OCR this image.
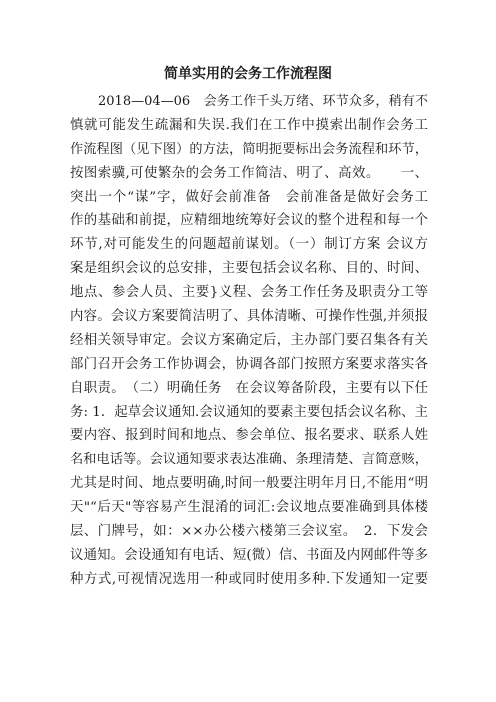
简单实用的会务工作流程图
2018—04—06　会务工作千头万绪、环节众多，稍有不
慎就可能发生疏漏和失误.我们在工作中摸索出制作会务工
作流程图（见下图）的方法，简明扼要标出会务流程和环节，
按图索骥,可使繁杂的会务工作简洁、明了、高效。　　一、
突出一个“谋”字，做好会前准备　会前准备是做好会务工
作的基础和前提，应精细地统筹好会议的整个进程和每一个
环节,对可能发生的问题超前谋划。（一）制订方案 会议方
案是组织会议的总安排，主要包括会议名称、目的、时间、
地点、参会人员、主要}义程、会务工作任务及职责分工等
内容。会议方案要简洁明了、具体清晰、可操作性强,并须报
经相关领导审定。会议方案确定后，主办部门要召集各有关
部门召开会务工作协调会，协调各部门按照方案要求落实各
自职责。　（二）明确任务　在会议筹备阶段，主要有以下任
务: 1．起草会议通知.会议通知的要素主要包括会议名称、主
要内容、报到时间和地点、参会单位、报名要求、联系人姓
名和电话等。会议通知要求表达准确、条理清楚、言简意赅，
尤其是时间、地点要明确,时间一般要注明年月日,不能用“明
天"“后天"等容易产生混淆的词汇:会议地点要准确到具体楼
层、门牌号，如：××办公楼六楼第三会议室。　2．下发会
议通知。会设通知有电话、短(微）信、书面及内网邮件等多
种方式,可视情况选用一种或同时使用多种.下发通知一定要
